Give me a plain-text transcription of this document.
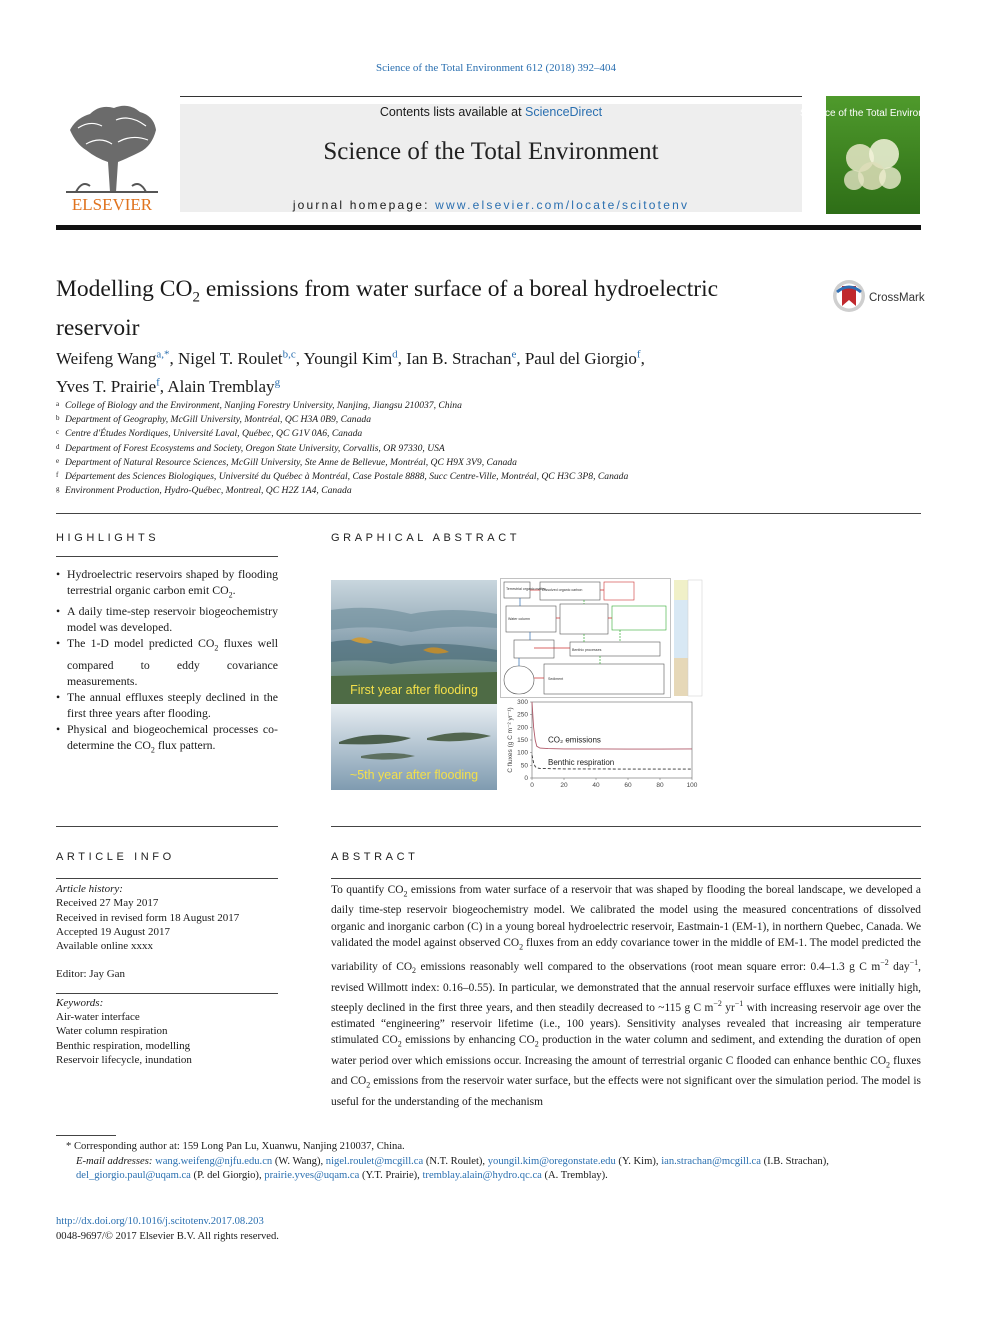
Science of the Total Environment 612 (2018) 392–404
ELSEVIER
Contents lists available at ScienceDirect
Science of the Total Environment
journal homepage: www.elsevier.com/locate/scitotenv
Science of the Total Environment
Modelling $CO_2$ emissions from water surface of a boreal hydroelectric reservoir
CrossMark
Weifeng Wang$^{a,*}$, Nigel T. Roulet$^{b,c}$, Youngil Kim$^d$, Ian B. Strachan$^e$, Paul del Giorgio$^f$,
Yves T. Prairie$^f$, Alain Tremblay$^g$
a College of Biology and the Environment, Nanjing Forestry University, Nanjing, Jiangsu 210037, China
b Department of Geography, McGill University, Montréal, QC H3A 0B9, Canada
c Centre d'Études Nordiques, Université Laval, Québec, QC G1V 0A6, Canada
d Department of Forest Ecosystems and Society, Oregon State University, Corvallis, OR 97330, USA
e Department of Natural Resource Sciences, McGill University, Ste Anne de Bellevue, Montréal, QC H9X 3V9, Canada
f Département des Sciences Biologiques, Université du Québec à Montréal, Case Postale 8888, Succ Centre-Ville, Montréal, QC H3C 3P8, Canada
g Environment Production, Hydro-Québec, Montreal, QC H2Z 1A4, Canada
HIGHLIGHTS
• Hydroelectric reservoirs shaped by flooding terrestrial organic carbon emit $CO_2$.
• A daily time-step reservoir biogeochemistry model was developed.
• The 1-D model predicted $CO_2$ fluxes well compared to eddy covariance measurements.
• The annual effluxes steeply declined in the first three years after flooding.
• Physical and biogeochemical processes co-determine the $CO_2$ flux pattern.
GRAPHICAL ABSTRACT
First year after flooding
~5th year after flooding
Terrestrial organic matter
Dissolved organic carbon
Water column
Benthic processes
Sediment
0	20	40	60	80	100
0
50
100
150
200
250
300
C fluxes (g C m⁻² yr⁻¹)	CO₂ emissions
Benthic respiration
ARTICLE INFO
Article history:
Received 27 May 2017
Received in revised form 18 August 2017
Accepted 19 August 2017
Available online xxxx
Editor: Jay Gan
Keywords:
Air-water interface
Water column respiration
Benthic respiration, modelling
Reservoir lifecycle, inundation
ABSTRACT
To quantify $CO_2$ emissions from water surface of a reservoir that was shaped by flooding the boreal landscape, we developed a daily time-step reservoir biogeochemistry model. We calibrated the model using the measured concentrations of dissolved organic and inorganic carbon (C) in a young boreal hydroelectric reservoir, Eastmain-1 (EM-1), in northern Quebec, Canada. We validated the model against observed $CO_2$ fluxes from an eddy covariance tower in the middle of EM-1. The model predicted the variability of $CO_2$ emissions reasonably well compared to the observations (root mean square error: 0.4–1.3 g C $m^{-2}$ day$^{-1}$, revised Willmott index: 0.16–0.55). In particular, we demonstrated that the annual reservoir surface effluxes were initially high, steeply declined in the first three years, and then steadily decreased to ~115 g C $m^{-2}$ $yr^{-1}$ with increasing reservoir age over the estimated “engineering” reservoir lifetime (i.e., 100 years). Sensitivity analyses revealed that increasing air temperature stimulated $CO_2$ emissions by enhancing $CO_2$ production in the water column and sediment, and extending the duration of open water period over which emissions occur. Increasing the amount of terrestrial organic C flooded can enhance benthic $CO_2$ fluxes and $CO_2$ emissions from the reservoir water surface, but the effects were not significant over the simulation period. The model is useful for the understanding of the mechanism
* Corresponding author at: 159 Long Pan Lu, Xuanwu, Nanjing 210037, China.
E-mail addresses: wang.weifeng@njfu.edu.cn (W. Wang), nigel.roulet@mcgill.ca (N.T. Roulet), youngil.kim@oregonstate.edu (Y. Kim), ian.strachan@mcgill.ca (I.B. Strachan), del_giorgio.paul@uqam.ca (P. del Giorgio), prairie.yves@uqam.ca (Y.T. Prairie), tremblay.alain@hydro.qc.ca (A. Tremblay).
http://dx.doi.org/10.1016/j.scitotenv.2017.08.203
0048-9697/© 2017 Elsevier B.V. All rights reserved.
